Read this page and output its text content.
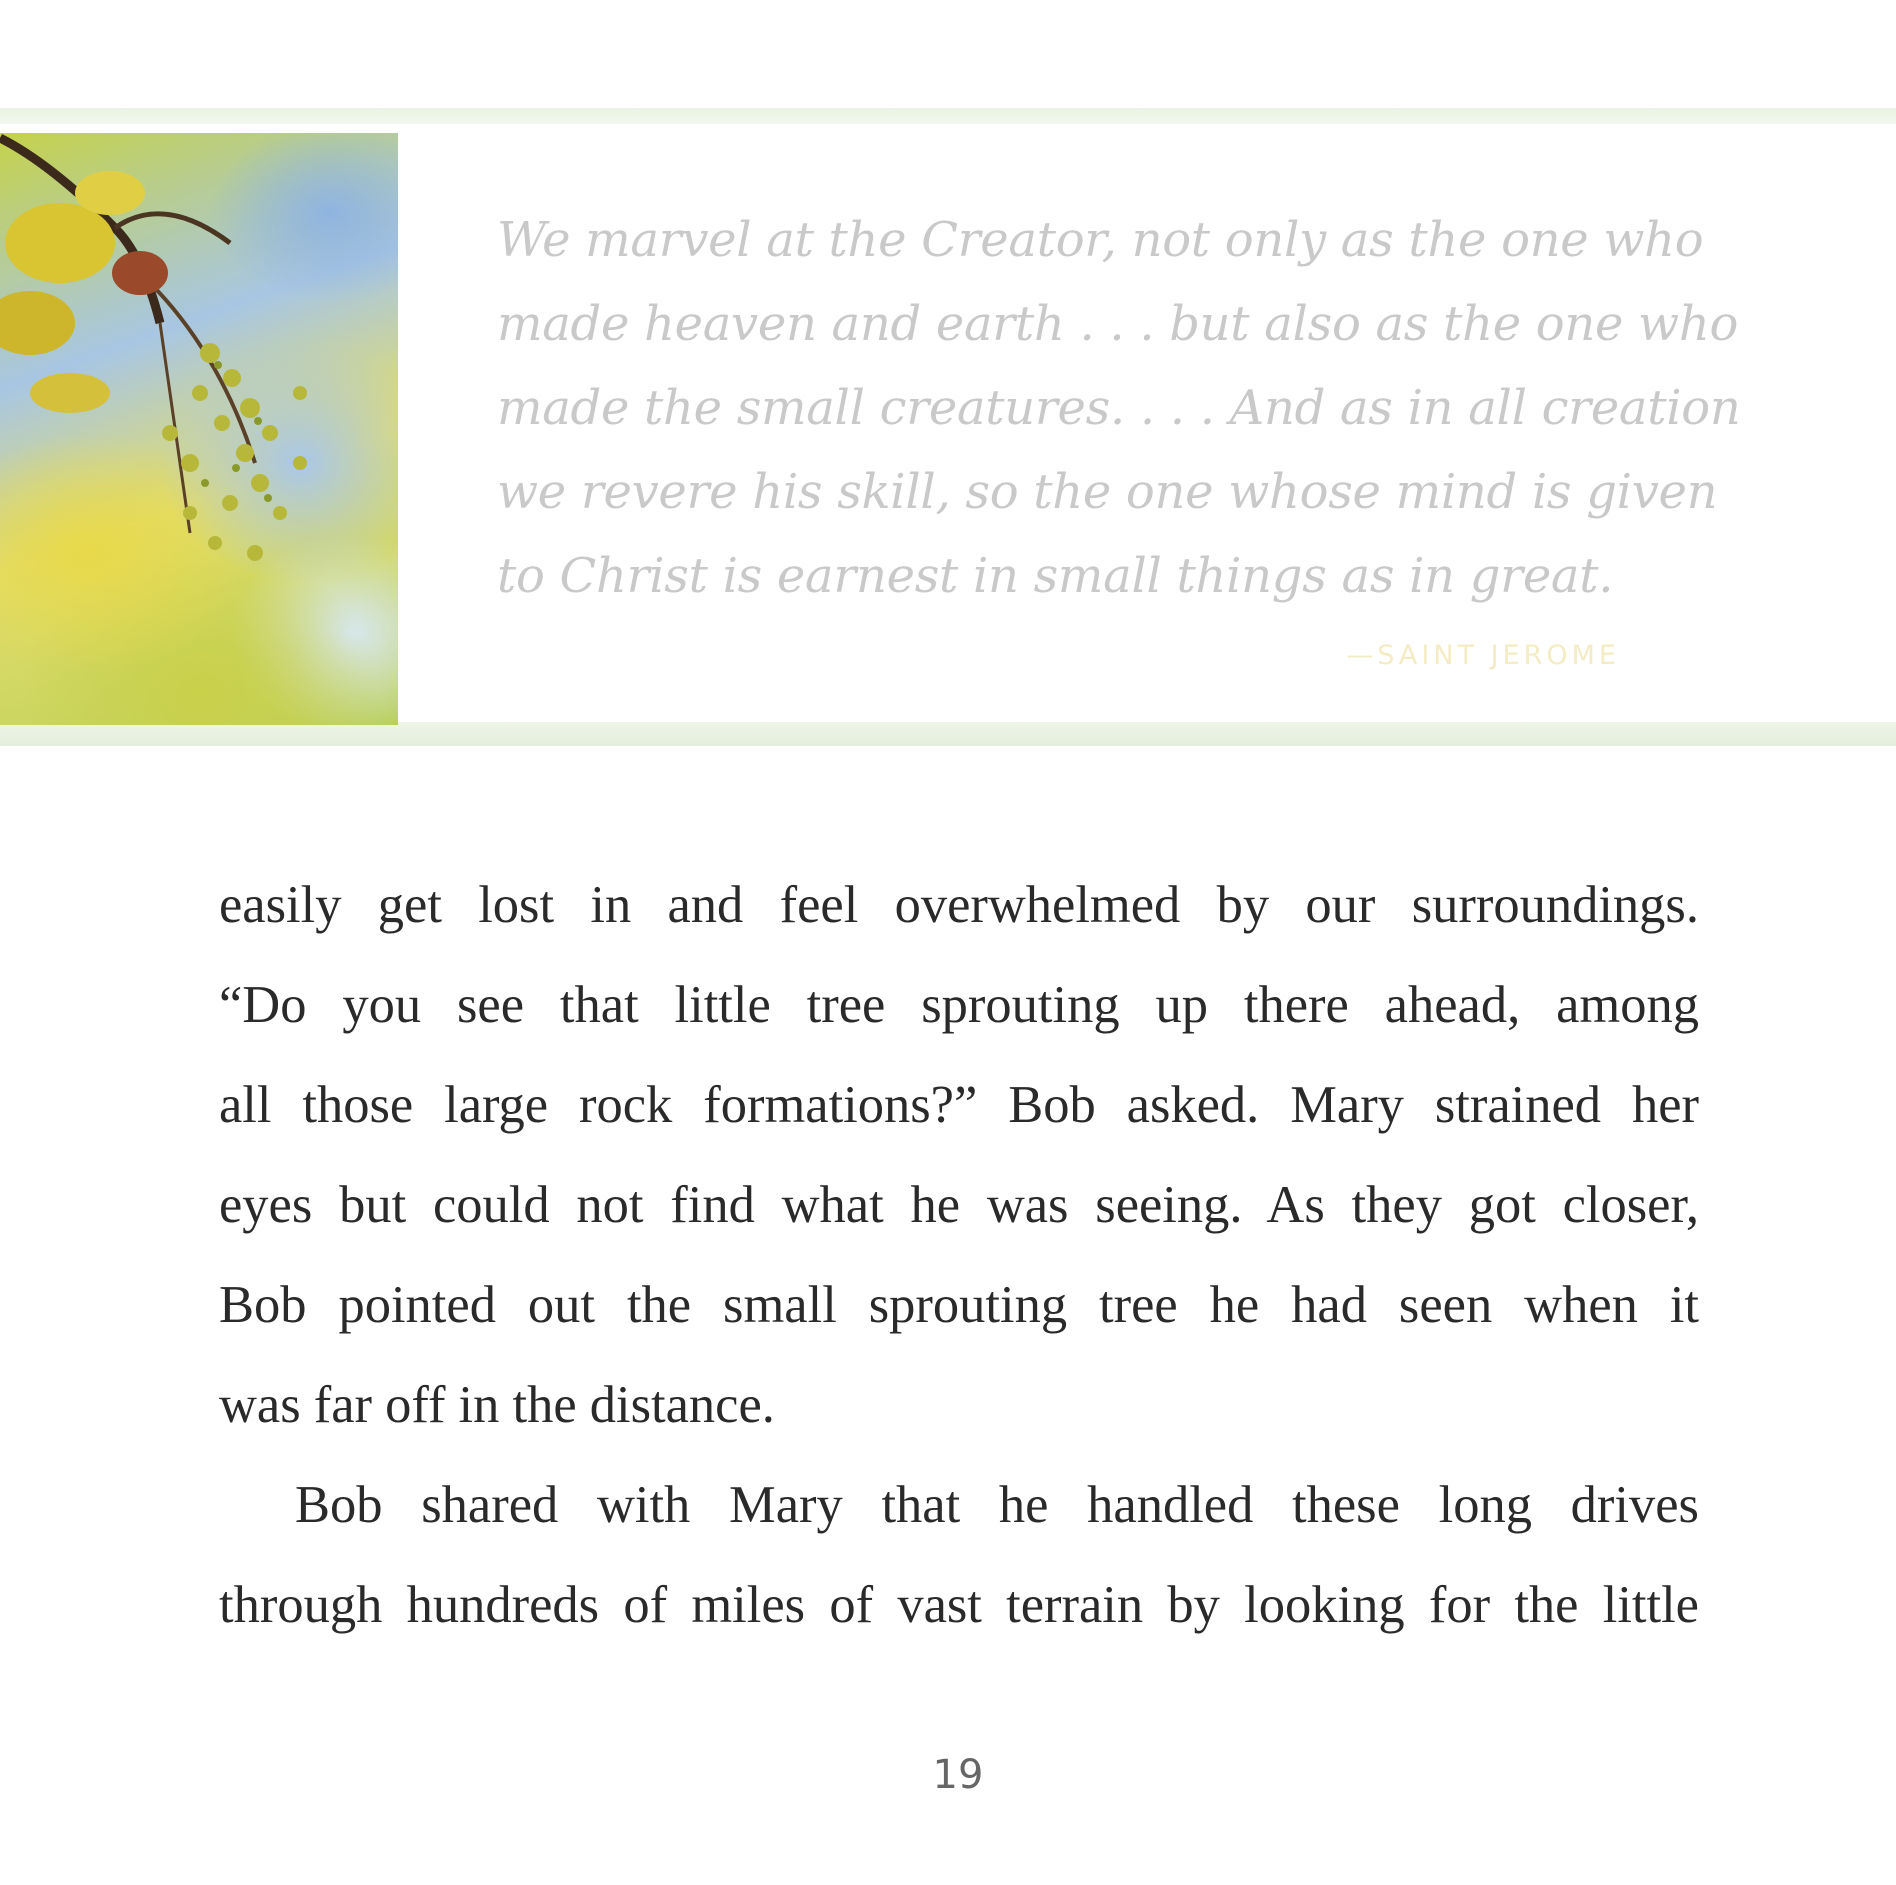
We marvel at the Creator, not only as the one who
made heaven and earth . . . but also as the one who
made the small creatures. . . . And as in all creation
we revere his skill, so the one whose mind is given
to Christ is earnest in small things as in great.
—SAINT JEROME
easily get lost in and feel overwhelmed by our surroundings.
“Do you see that little tree sprouting up there ahead, among
all those large rock formations?” Bob asked. Mary strained her
eyes but could not find what he was seeing. As they got closer,
Bob pointed out the small sprouting tree he had seen when it
was far off in the distance.
Bob shared with Mary that he handled these long drives
through hundreds of miles of vast terrain by looking for the little
19
